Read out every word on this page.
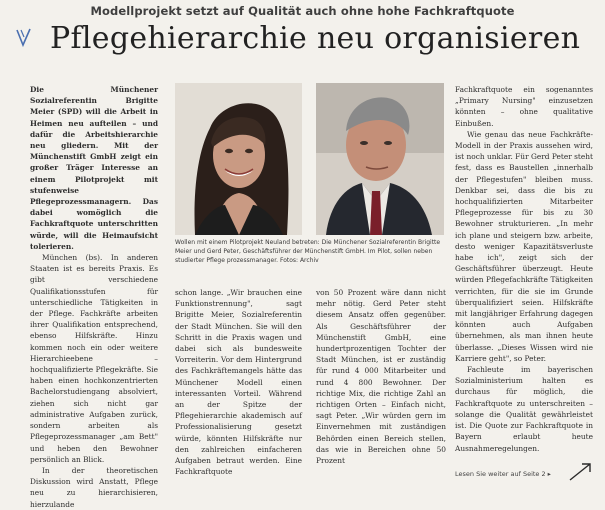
Modellprojekt setzt auf Qualität auch ohne hohe Fachkraftquote
Pflegehierarchie neu organisieren

Die Münchener Sozialreferentin Brigitte Meier (SPD) will die Arbeit in Heimen neu aufteilen – und dafür die Arbeitshierarchie neu gliedern. Mit der Münchenstift GmbH zeigt ein großer Träger Interesse an einem Pilotprojekt mit stufenweise Pflegeprozessmanagern. Das dabei womöglich die Fachkraftquote unterschritten würde, will die Heimaufsicht tolerieren.

München (bs). In anderen Staaten ist es bereits Praxis. Es gibt verschiedene Qualifikationsstufen für unterschiedliche Tätigkeiten in der Pflege. Fachkräfte arbeiten ihrer Qualifikation entsprechend, ebenso Hilfskräfte. Hinzu kommen noch ein oder weitere Hierarchieebene – hochqualifizierte Pflegekräfte. Sie haben einen hochkonzentrierten Bachelorstudiengang absolviert, ziehen sich nicht gar administrative Aufgaben zurück, sondern arbeiten als Pflegeprozessmanager „am Bett" und heben den Bewohner persönlich an Blick.

In der theoretischen Diskussion wird Anstatt, Pflege neu zu hierarchisieren, hierzulande

Wollen mit einem Pilotprojekt Neuland betreten: Die Münchener Sozialreferentin Brigitte Meier und Gerd Peter, Geschäftsführer der Münchenstift GmbH. Im Pilot, sollen neben studierter Pflege prozessmanager. Fotos: Archiv
schon lange. „Wir brauchen eine Funktionstrennung", sagt Brigitte Meier, Sozialreferentin der Stadt München. Sie will den Schritt in die Praxis wagen und dabei sich als bundesweite Vorreiterin. Vor dem Hintergrund des Fachkräftemangels hätte das Münchener Modell einen interessanten Vorteil. Während an der Spitze der Pflegehierarchie akademisch auf Professionalisierung gesetzt würde, könnten Hilfskräfte nur den zahlreichen einfacheren Aufgaben betraut werden. Eine Fachkraftquote
von 50 Prozent wäre dann nicht mehr nötig. Gerd Peter steht diesem Ansatz offen gegenüber. Als Geschäftsführer der Münchenstift GmbH, eine hundertprozentigen Tochter der Stadt München, ist er zuständig für rund 4 000 Mitarbeiter und rund 4 800 Bewohner. Der richtige Mix, die richtige Zahl an richtigen Orten – Einfach nicht, sagt Peter. „Wir würden gern im Einvernehmen mit zuständigen Behörden einen Bereich stellen, das wie in Bereichen ohne 50 Prozent

Fachkraftquote ein sogenanntes „Primary Nursing" einzusetzen könnten – ohne qualitative Einbußen.

Wie genau das neue Fachkräfte-Modell in der Praxis aussehen wird, ist noch unklar. Für Gerd Peter steht fest, dass es Baustellen „innerhalb der Pflegestufen" bleiben muss. Denkbar sei, dass die bis zu hochqualifizierten Mitarbeiter Pflegeprozesse für bis zu 30 Bewohner strukturieren. „In mehr ich plane und steigern bzw. arbeite, desto weniger Kapazitätsverluste habe ich", zeigt sich der Geschäftsführer überzeugt. Heute würden Pflegefachkräfte Tätigkeiten verrichten, für die sie im Grunde überqualifiziert seien. Hilfskräfte mit langjähriger Erfahrung dagegen könnten auch Aufgaben übernehmen, als man ihnen heute überlasse. „Dieses Wissen wird nie Karriere geht", so Peter.

Fachleute im bayerischen Sozialministerium halten es durchaus für möglich, die Fachkraftquote zu unterschreiten – solange die Qualität gewährleistet ist. Die Quote zur Fachkraftquote in Bayern erlaubt heute Ausnahmeregelungen.

Lesen Sie weiter auf Seite 2 ▸
